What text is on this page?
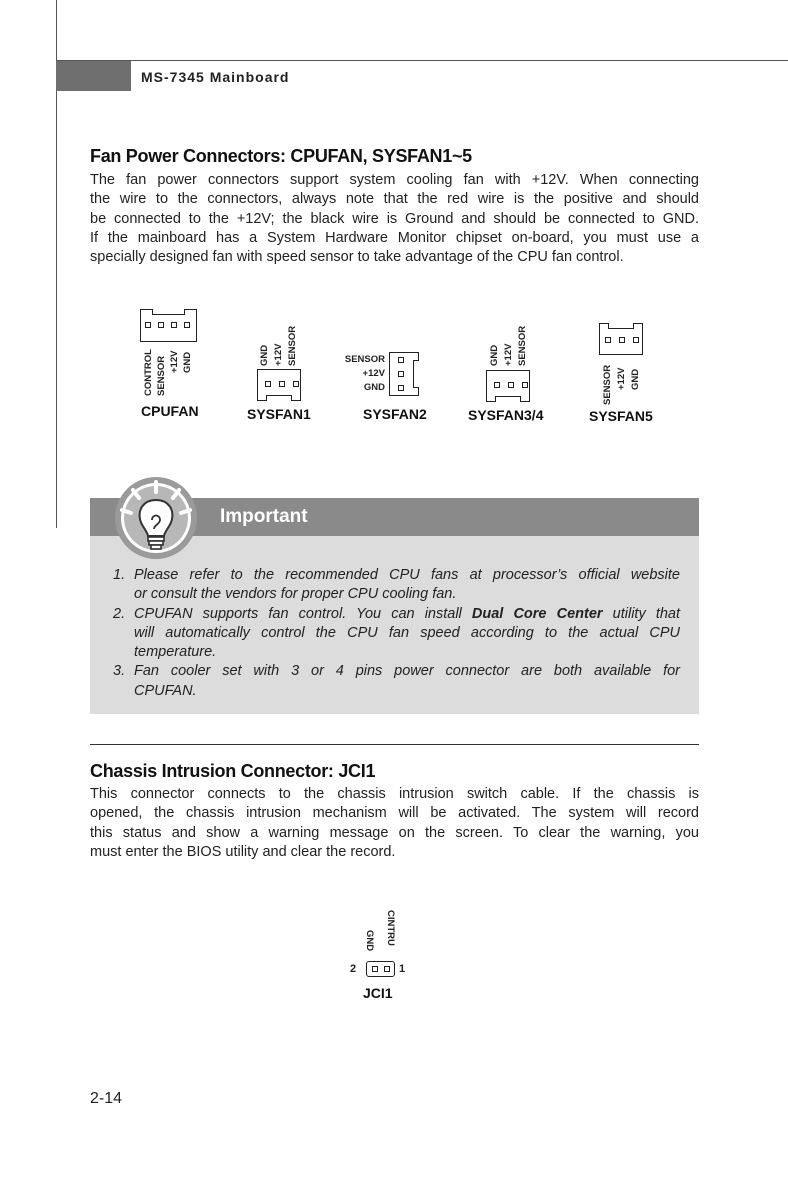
MS-7345 Mainboard
Fan Power Connectors: CPUFAN, SYSFAN1~5
The fan power connectors support system cooling fan with +12V. When connecting
the wire to the connectors, always note that the red wire is the positive and should
be connected to the +12V; the black wire is Ground and should be connected to GND.
If the mainboard has a System Hardware Monitor chipset on-board, you must use a
specially designed fan with speed sensor to take advantage of the CPU fan control.
CONTROL SENSOR +12V GND
CPUFAN
GND +12V SENSOR
SYSFAN1
SENSOR
+12V
GND
SYSFAN2
GND +12V SENSOR
SYSFAN3/4
SENSOR +12V GND
SYSFAN5
Important
1. Please refer to the recommended CPU fans at processor’s official website
or consult the vendors for proper CPU cooling fan.
2. CPUFAN supports fan control. You can install Dual Core Center utility that
will automatically control the CPU fan speed according to the actual CPU
temperature.
3. Fan cooler set with 3 or 4 pins power connector are both available for
CPUFAN.
Chassis Intrusion Connector: JCI1
This connector connects to the chassis intrusion switch cable. If the chassis is
opened, the chassis intrusion mechanism will be activated. The system will record
this status and show a warning message on the screen. To clear the warning, you
must enter the BIOS utility and clear the record.
CINTRU
GND
2	1
JCI1
2-14
